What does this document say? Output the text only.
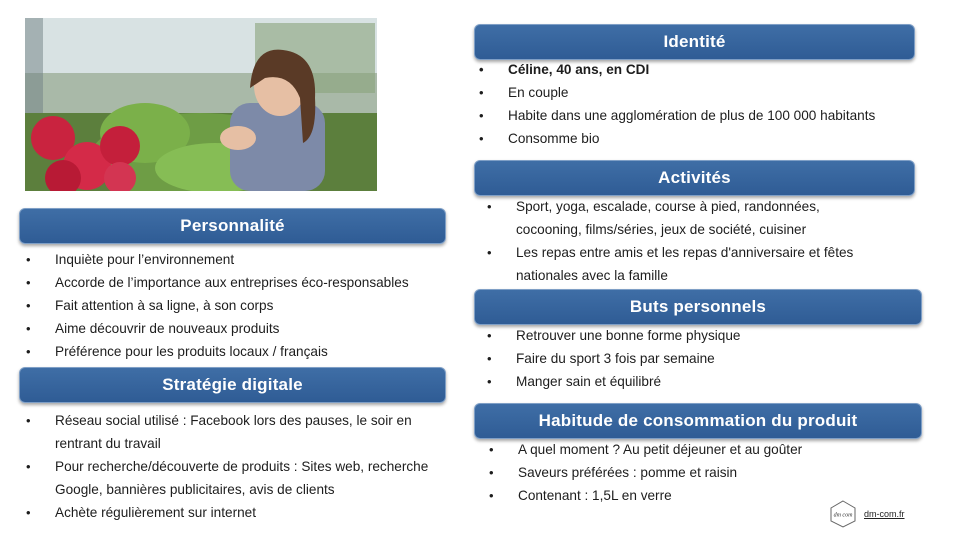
Identité
• Céline, 40 ans, en CDI
• En couple
• Habite dans une agglomération de plus de 100 000 habitants
• Consomme bio
Activités
• Sport, yoga, escalade, course à pied, randonnées,
cocooning, films/séries, jeux de société, cuisiner
• Les repas entre amis et les repas d'anniversaire et fêtes
nationales avec la famille
Buts personnels
• Retrouver une bonne forme physique
• Faire du sport 3 fois par semaine
• Manger sain et équilibré
Habitude de consommation du produit
• A quel moment ? Au petit déjeuner et au goûter
• Saveurs préférées : pomme et raisin
• Contenant : 1,5L en verre
Personnalité
• Inquiète pour l’environnement
• Accorde de l’importance aux entreprises éco-responsables
• Fait attention à sa ligne, à son corps
• Aime découvrir de nouveaux produits
• Préférence pour les produits locaux / français
Stratégie digitale
• Réseau social utilisé : Facebook lors des pauses, le soir en
rentrant du travail
• Pour recherche/découverte de produits : Sites web, recherche
Google, bannières publicitaires, avis de clients
• Achète régulièrement sur internet	dm com dm-com.fr
